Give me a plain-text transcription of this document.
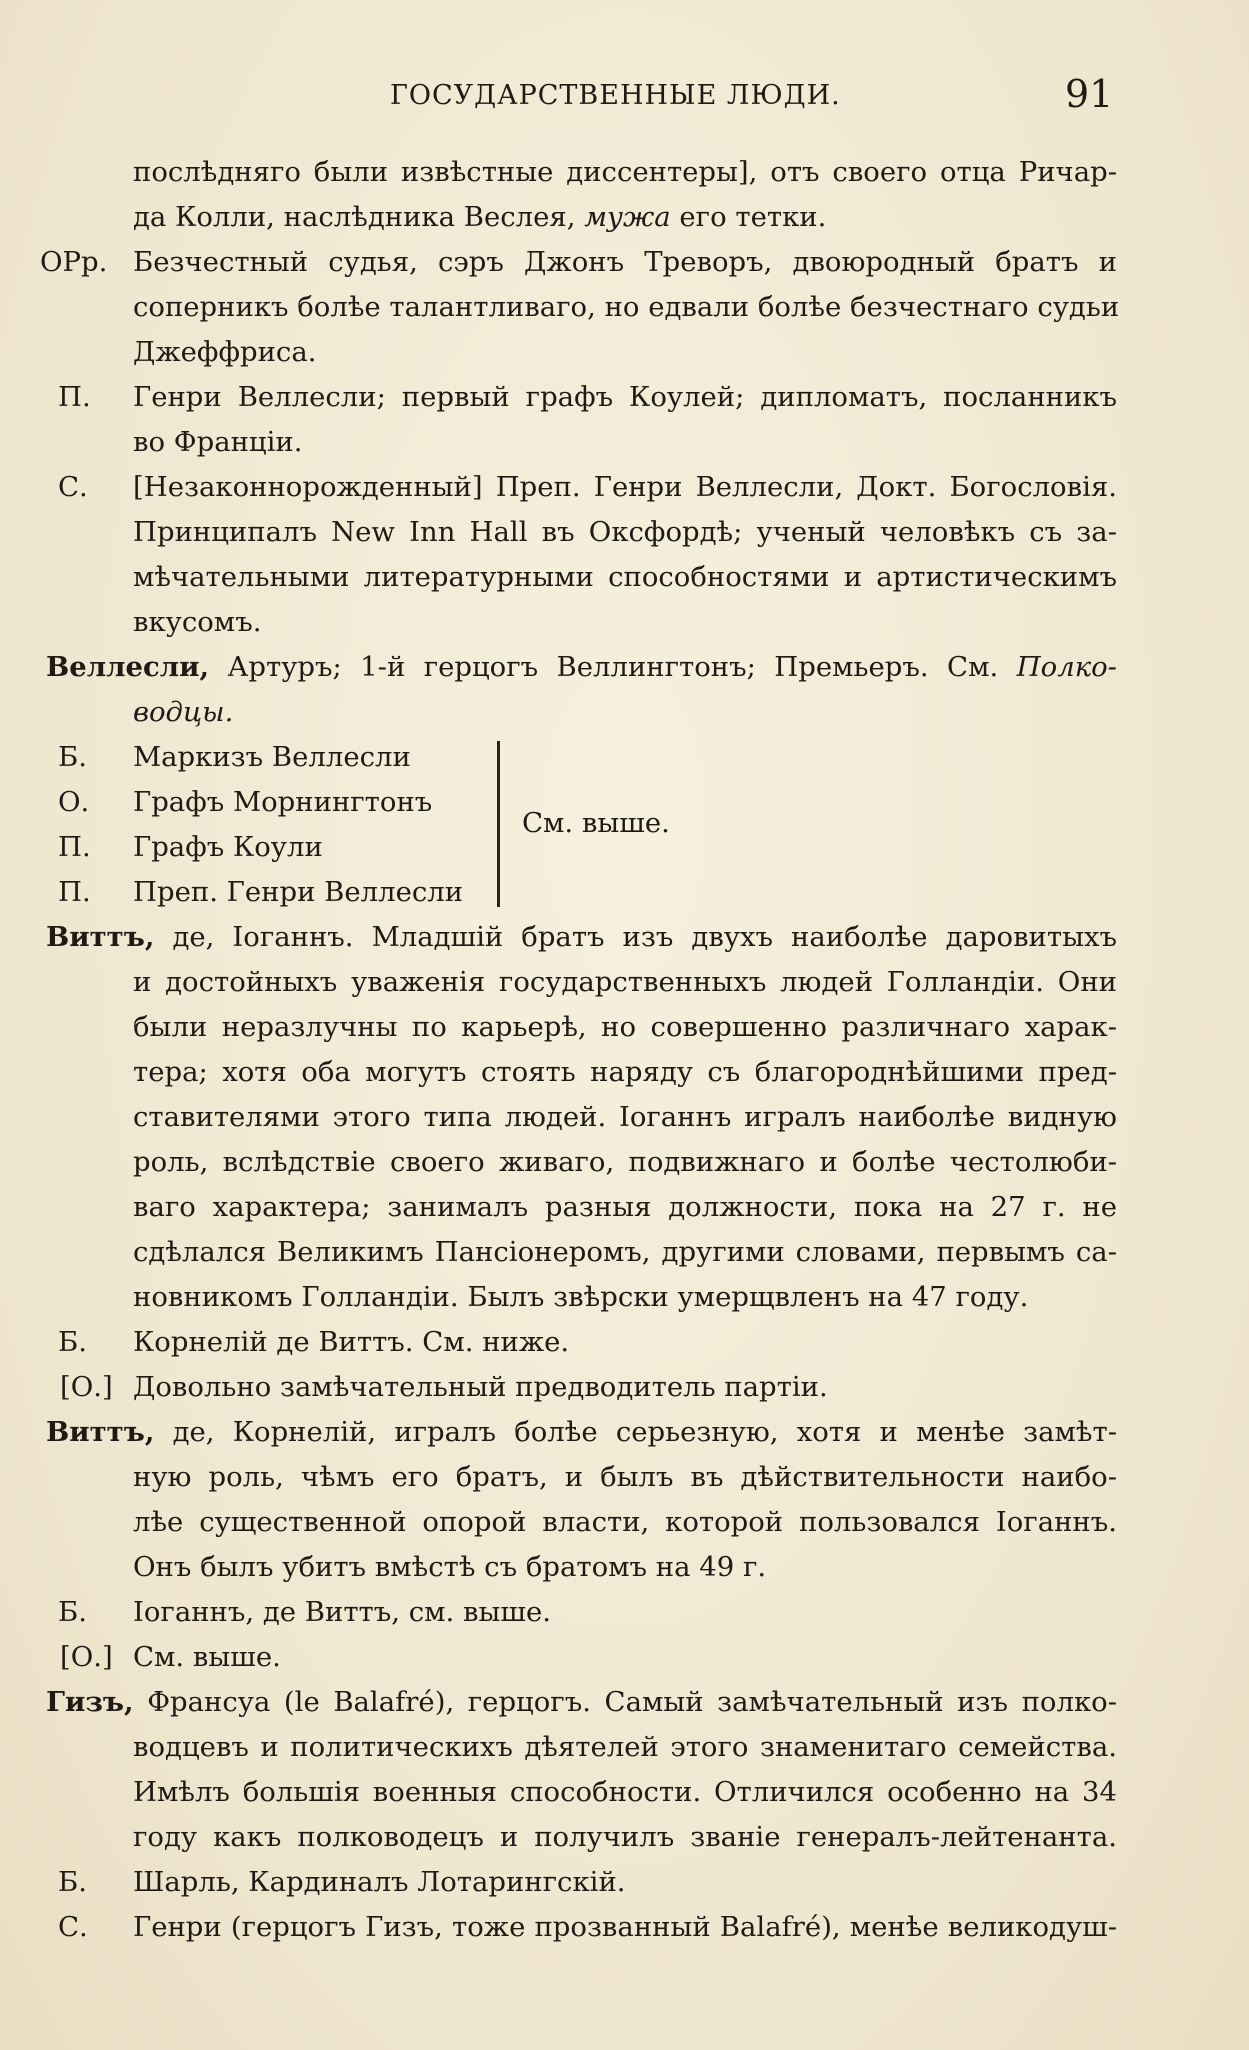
ГОСУДАРСТВЕННЫЕ ЛЮДИ.	91
послѣдняго были извѣстные диссентеры], отъ своего отца Ричар-
да Колли, наслѣдника Веслея, мужа его тетки.
ОРр. Безчестный судья, сэръ Джонъ Треворъ, двоюродный братъ и
соперникъ болѣе талантливаго, но едвали болѣе безчестнаго судьи
Джеффриса.
П. Генри Веллесли; первый графъ Коулей; дипломатъ, посланникъ
во Франціи.
С. [Незаконнорожденный] Преп. Генри Веллесли, Докт. Богословія.
Принципалъ New Inn Hall въ Оксфордѣ; ученый человѣкъ съ за-
мѣчательными литературными способностями и артистическимъ
вкусомъ.
Веллесли, Артуръ; 1-й герцогъ Веллингтонъ; Премьеръ. См. Полко-
водцы.
Б. Маркизъ Веллесли
О. Графъ Морнингтонъ
П. Графъ Коули
П. Преп. Генри Веллесли
См. выше.
Виттъ, де, Іоганнъ. Младшій братъ изъ двухъ наиболѣе даровитыхъ
и достойныхъ уваженія государственныхъ людей Голландіи. Они
были неразлучны по карьерѣ, но совершенно различнаго харак-
тера; хотя оба могутъ стоять наряду съ благороднѣйшими пред-
ставителями этого типа людей. Іоганнъ игралъ наиболѣе видную
роль, вслѣдствіе своего живаго, подвижнаго и болѣе честолюби-
ваго характера; занималъ разныя должности, пока на 27 г. не
сдѣлался Великимъ Пансіонеромъ, другими словами, первымъ са-
новникомъ Голландіи. Былъ звѣрски умерщвленъ на 47 году.
Б. Корнелій де Виттъ. См. ниже.
[О.] Довольно замѣчательный предводитель партіи.
Виттъ, де, Корнелій, игралъ болѣе серьезную, хотя и менѣе замѣт-
ную роль, чѣмъ его братъ, и былъ въ дѣйствительности наибо-
лѣе существенной опорой власти, которой пользовался Іоганнъ.
Онъ былъ убитъ вмѣстѣ съ братомъ на 49 г.
Б. Іоганнъ, де Виттъ, см. выше.
[О.] См. выше.
Гизъ, Франсуа (le Balafré), герцогъ. Самый замѣчательный изъ полко-
водцевъ и политическихъ дѣятелей этого знаменитаго семейства.
Имѣлъ большія военныя способности. Отличился особенно на 34
году какъ полководецъ и получилъ званіе генералъ-лейтенанта.
Б. Шарль, Кардиналъ Лотарингскій.
С. Генри (герцогъ Гизъ, тоже прозванный Balafré), менѣе великодуш-
